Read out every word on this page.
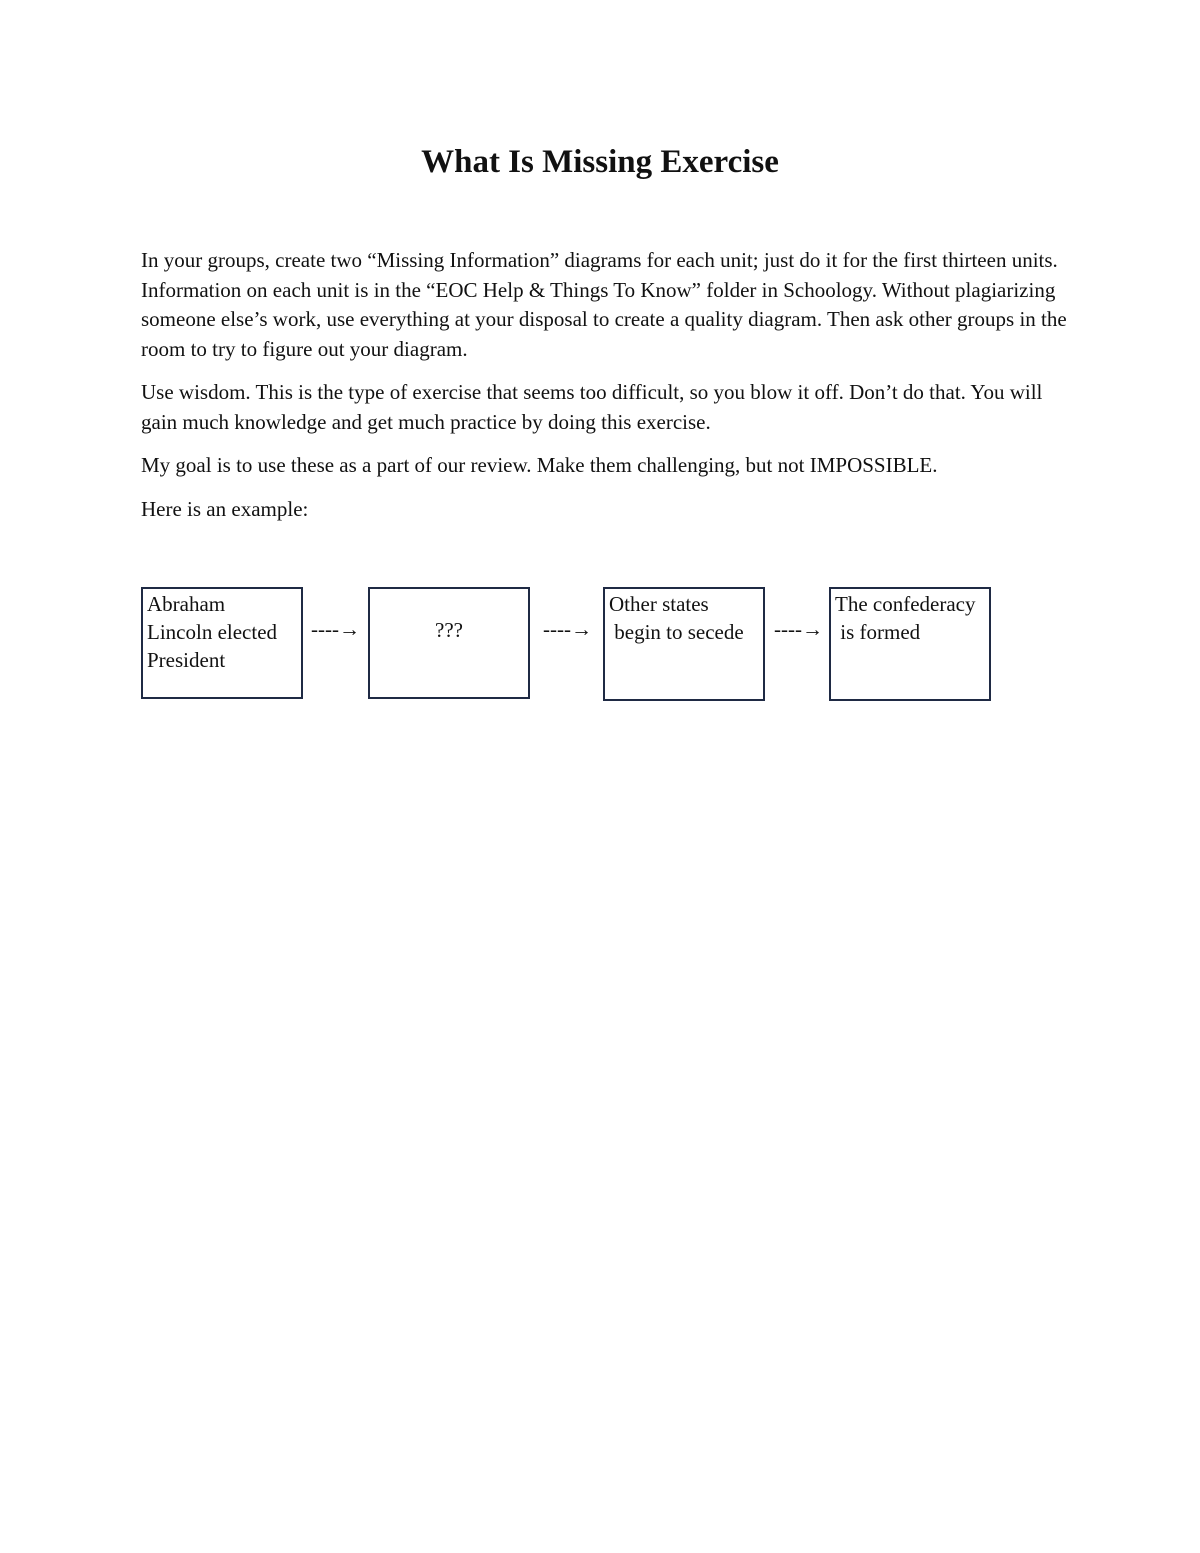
What Is Missing Exercise

In your groups, create two “Missing Information” diagrams for each unit; just do it for the first thirteen units. Information on each unit is in the “EOC Help & Things To Know” folder in Schoology. Without plagiarizing someone else’s work, use everything at your disposal to create a quality diagram. Then ask other groups in the room to try to figure out your diagram.

Use wisdom. This is the type of exercise that seems too difficult, so you blow it off. Don’t do that. You will gain much knowledge and get much practice by doing this exercise.

My goal is to use these as a part of our review. Make them challenging, but not IMPOSSIBLE.

Here is an example:

Abraham
Lincoln elected
President
----→	???	----→
Other states
begin to secede	----→
The confederacy
is formed
